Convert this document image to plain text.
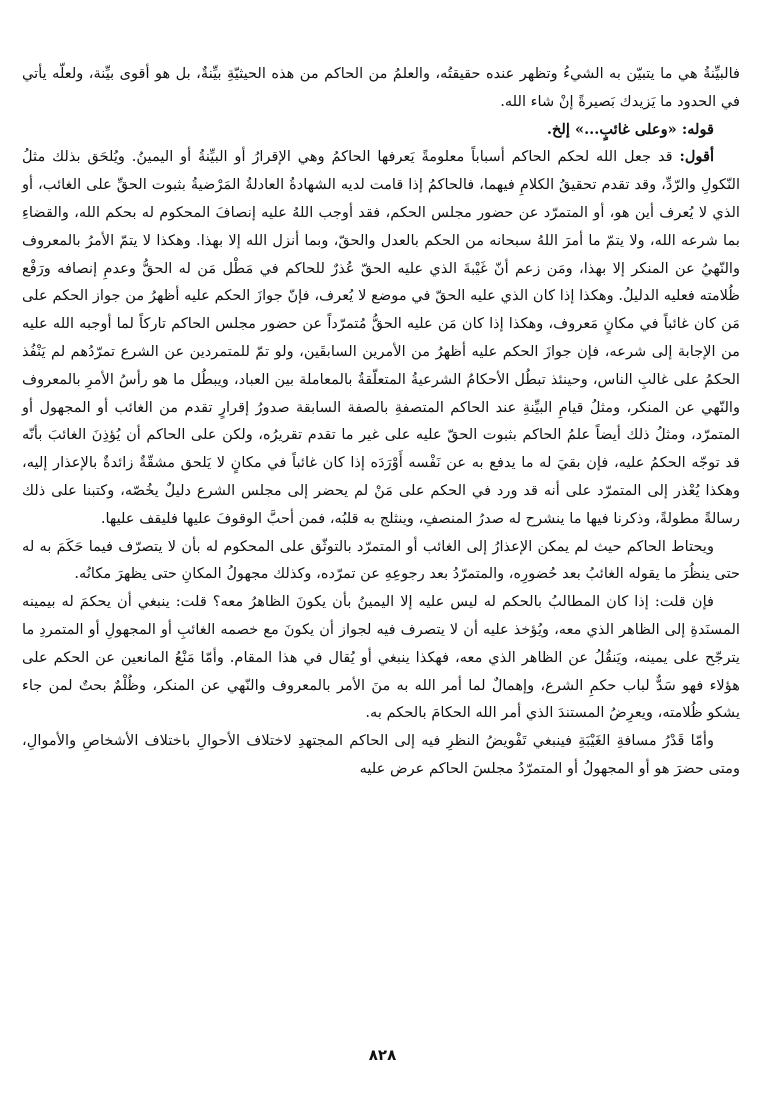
فالبيِّنةُ هي ما يتبيّن به الشيءُ وتظهر عنده حقيقتُه، والعلمُ من الحاكم من هذه الحيثيّةِ بيِّنةٌ، بل هو أقوى بيِّنة، ولعلّه يأتي في الحدود ما يَزيدك بَصيرةً إنْ شاء الله.

قوله: «وعلى غائبٍ...» إلخ.

أقول: قد جعل الله لحكم الحاكم أسباباً معلومةً يَعرفها الحاكمُ وهي الإقرارُ أو البيِّنةُ أو اليمينُ. ويُلحَق بذلك مثلُ النّكولِ والرّدِّ، وقد تقدم تحقيقُ الكلامِ فيهما، فالحاكمُ إذا قامت لديه الشهادةُ العادلةُ المَرْضيةُ بثبوت الحقِّ على الغائب، أو الذي لا يُعرف أين هو، أو المتمرّد عن حضور مجلس الحكم، فقد أوجب اللهُ عليه إنصافَ المحكوم له بحكم الله، والقضاءِ بما شرعه الله، ولا يتمّ ما أمرَ اللهُ سبحانه من الحكم بالعدل والحقّ، وبما أنزل الله إلا بهذا. وهكذا لا يتمّ الأمرُ بالمعروف والنّهيُ عن المنكر إلا بهذا، ومَن زعم أنّ غَيْبةَ الذي عليه الحقّ عُذرٌ للحاكم في مَطْل مَن له الحقُّ وعدمِ إنصافه ورَفْع ظُلامته فعليه الدليلُ. وهكذا إذا كان الذي عليه الحقّ في موضع لا يُعرف، فإنّ جوازَ الحكم عليه أظهرُ من جواز الحكم على مَن كان غائباً في مكانٍ مَعروف، وهكذا إذا كان مَن عليه الحقُّ مُتمرّداً عن حضور مجلس الحاكم تاركاً لما أوجبه الله عليه من الإجابة إلى شرعه، فإن جوازَ الحكم عليه أظهرُ من الأمرين السابقَين، ولو تمّ للمتمردين عن الشرع تمرّدُهم لم يَنْفُذ الحكمُ على غالبِ الناس، وحينئذ تبطُل الأحكامُ الشرعيةُ المتعلّقةُ بالمعاملة بين العباد، ويبطُل ما هو رأسُ الأمرِ بالمعروف والنّهي عن المنكر، ومثلُ قيامِ البيِّنةِ عند الحاكم المتصفةِ بالصفة السابقة صدورُ إقرارٍ تقدم من الغائب أو المجهول أو المتمرّد، ومثلُ ذلك أيضاً علمُ الحاكم بثبوت الحقّ عليه على غير ما تقدم تقريرُه، ولكن على الحاكم أن يُؤذِنَ الغائبَ بأنّه قد توجّه الحكمُ عليه، فإن بقيَ له ما يدفع به عن نَفْسه أَوْرَدَه إذا كان غائباً في مكانٍ لا يَلحق مشقّةٌ زائدةٌ بالإعذار إليه، وهكذا يُعْذر إلى المتمرّد على أنه قد ورد في الحكم على مَنْ لم يحضر إلى مجلس الشرع دليلٌ يخُصّه، وكتبنا على ذلك رسالةً مطولةً، وذكرنا فيها ما ينشرح له صدرُ المنصفِ، وينثلج به قلبُه، فمن أحبَّ الوقوفَ عليها فليقف عليها.

ويحتاط الحاكم حيث لم يمكن الإعذارُ إلى الغائب أو المتمرّد بالتوثّق على المحكوم له بأن لا يتصرّف فيما حَكَمَ به له حتى ينظُرَ ما يقوله الغائبُ بعد حُضورِه، والمتمرّدُ بعد رجوعِهِ عن تمرّده، وكذلك مجهولُ المكانِ حتى يظهرَ مكانُه.

فإن قلت: إذا كان المطالبُ بالحكم له ليس عليه إلا اليمينُ بأن يكونَ الظاهرُ معه؟ قلت: ينبغي أن يحكمَ له بيمينه المسنَدةِ إلى الظاهر الذي معه، ويُؤخذ عليه أن لا يتصرف فيه لجواز أن يكونَ مع خصمه الغائبِ أو المجهولِ أو المتمردِ ما يترجّح على يمينه، ويَنقُلُ عن الظاهر الذي معه، فهكذا ينبغي أو يُقال في هذا المقام. وأمّا مَنْعُ المانعين عن الحكم على هؤلاء فهو سَدٌّ لباب حكمِ الشرع، وإهمالٌ لما أمر الله به منَ الأمر بالمعروف والنّهي عن المنكر، وظُلْمٌ بحتٌ لمن جاء يشكو ظُلامته، ويعرِضُ المستندَ الذي أمر الله الحكامَ بالحكم به.

وأمّا قَدْرُ مسافةِ الغَيْبَةِ فينبغي تَفْويضُ النظرِ فيه إلى الحاكم المجتهدِ لاختلاف الأحوالِ باختلاف الأشخاصِ والأموالِ، ومتى حضرَ هو أو المجهولُ أو المتمرّدُ مجلسَ الحاكم عرض عليه

٨٢٨
